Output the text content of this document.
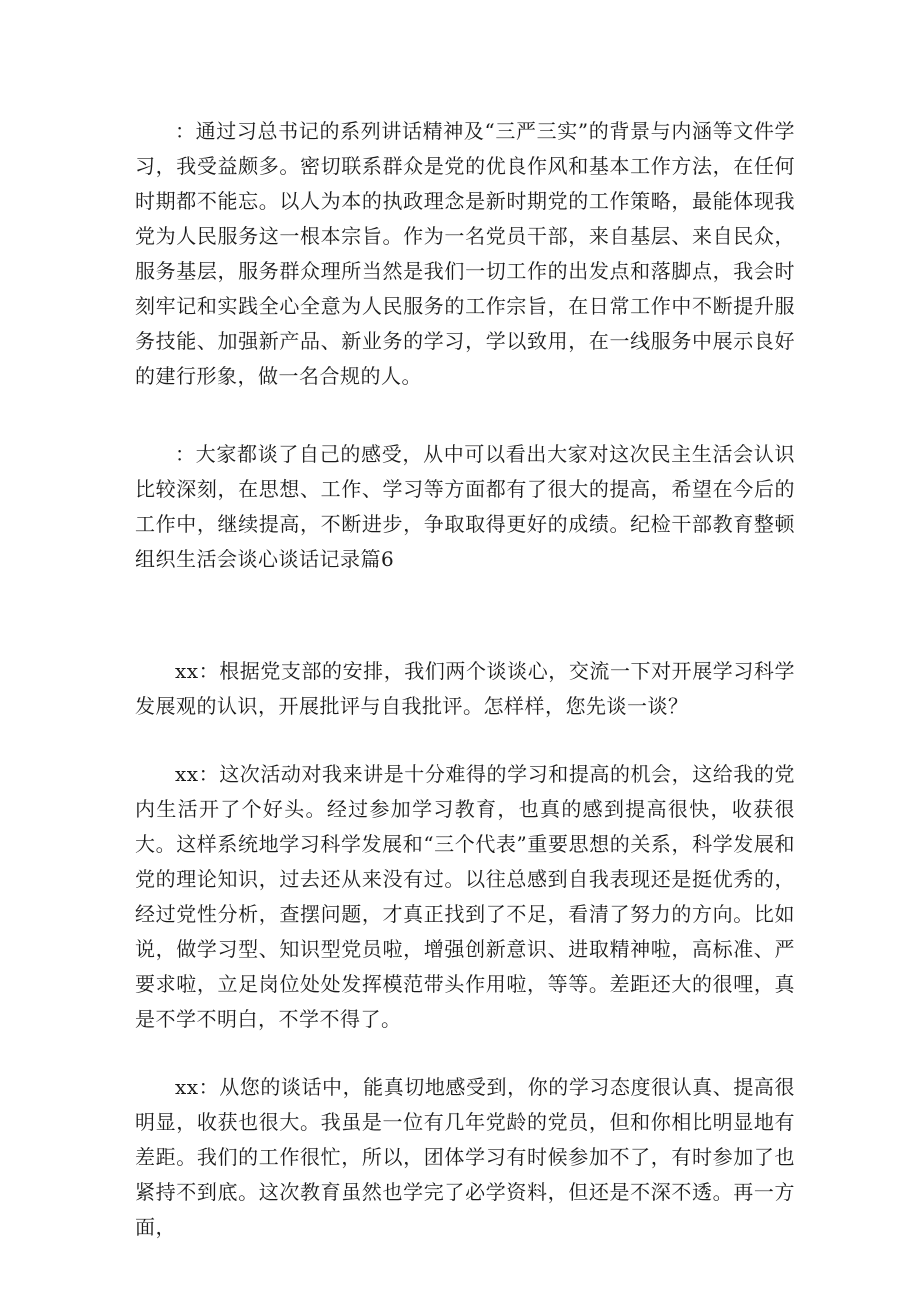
：通过习总书记的系列讲话精神及“三严三实”的背景与内涵等文件学习，我受益颇多。密切联系群众是党的优良作风和基本工作方法，在任何时期都不能忘。以人为本的执政理念是新时期党的工作策略，最能体现我党为人民服务这一根本宗旨。作为一名党员干部，来自基层、来自民众，服务基层，服务群众理所当然是我们一切工作的出发点和落脚点，我会时刻牢记和实践全心全意为人民服务的工作宗旨，在日常工作中不断提升服务技能、加强新产品、新业务的学习，学以致用，在一线服务中展示良好的建行形象，做一名合规的人。

：大家都谈了自己的感受，从中可以看出大家对这次民主生活会认识比较深刻，在思想、工作、学习等方面都有了很大的提高，希望在今后的工作中，继续提高，不断进步，争取取得更好的成绩。纪检干部教育整顿组织生活会谈心谈话记录篇6

xx：根据党支部的安排，我们两个谈谈心，交流一下对开展学习科学发展观的认识，开展批评与自我批评。怎样样，您先谈一谈？

xx：这次活动对我来讲是十分难得的学习和提高的机会，这给我的党内生活开了个好头。经过参加学习教育，也真的感到提高很快，收获很大。这样系统地学习科学发展和“三个代表”重要思想的关系，科学发展和党的理论知识，过去还从来没有过。以往总感到自我表现还是挺优秀的，经过党性分析，查摆问题，才真正找到了不足，看清了努力的方向。比如说，做学习型、知识型党员啦，增强创新意识、进取精神啦，高标准、严要求啦，立足岗位处处发挥模范带头作用啦，等等。差距还大的很哩，真是不学不明白，不学不得了。

xx：从您的谈话中，能真切地感受到，你的学习态度很认真、提高很明显，收获也很大。我虽是一位有几年党龄的党员，但和你相比明显地有差距。我们的工作很忙，所以，团体学习有时候参加不了，有时参加了也紧持不到底。这次教育虽然也学完了必学资料，但还是不深不透。再一方面，
